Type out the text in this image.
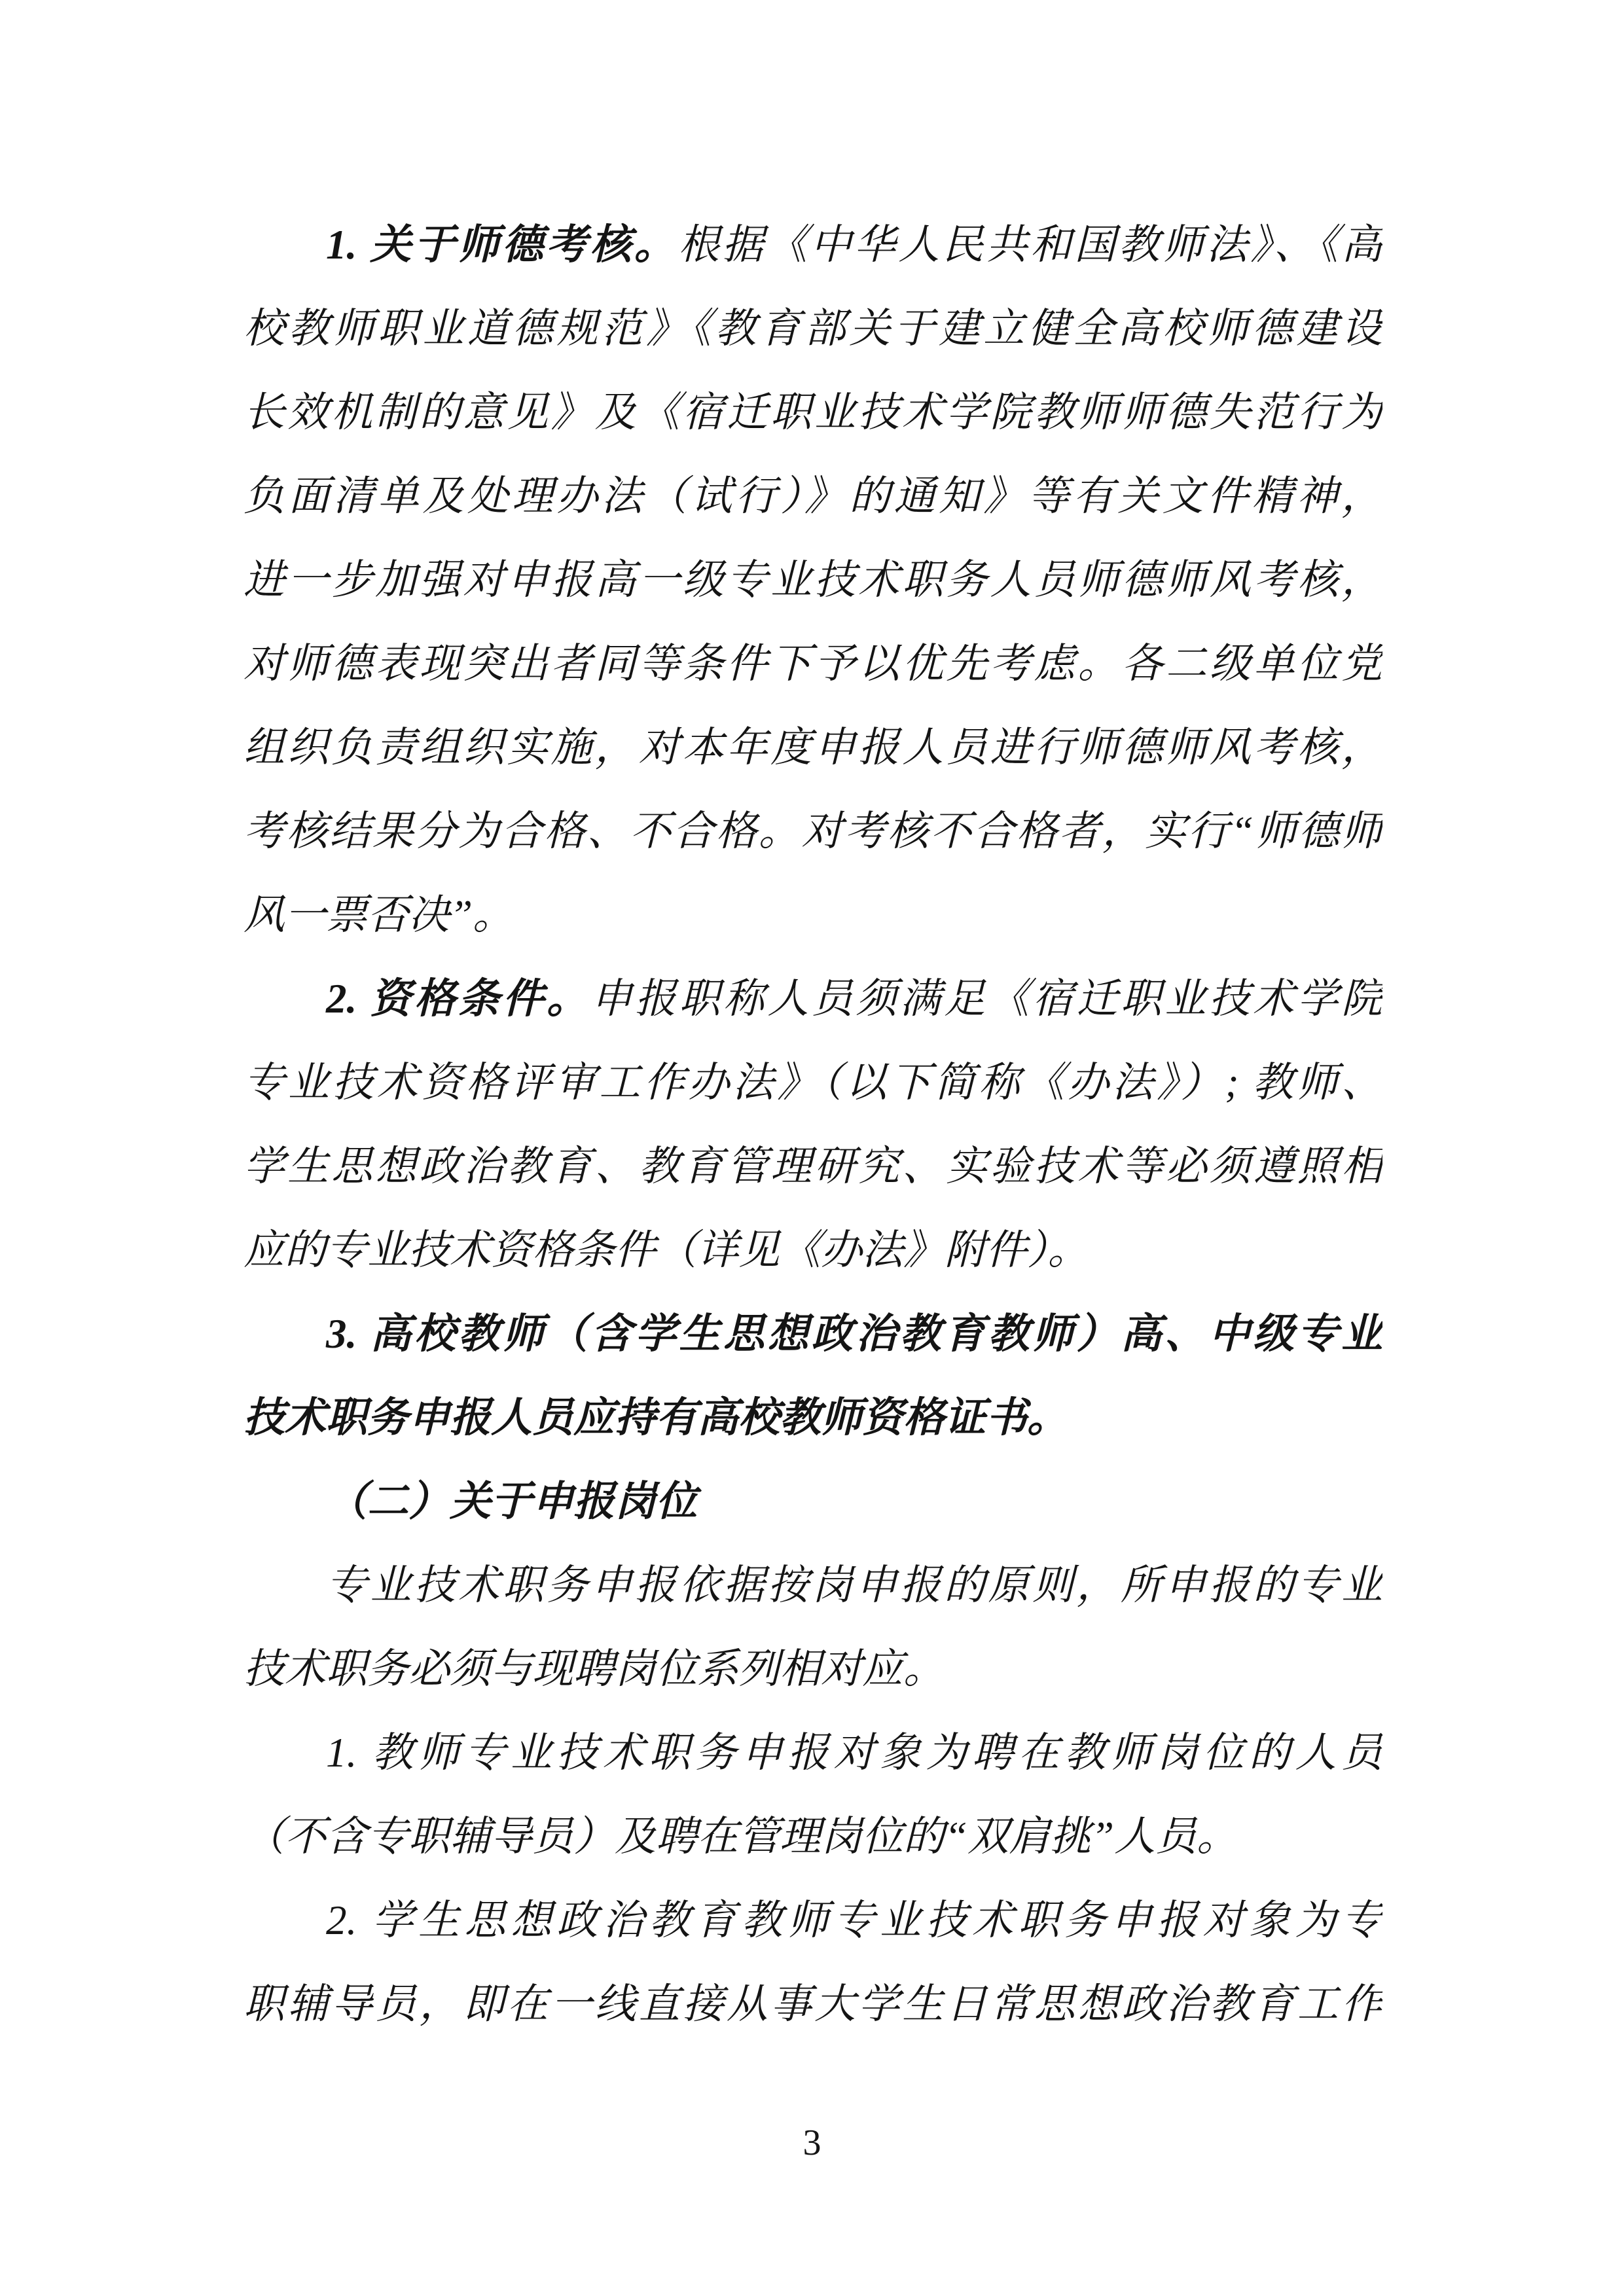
1. 关于师德考核。根据《中华人民共和国教师法》、《高
校教师职业道德规范》《教育部关于建立健全高校师德建设
长效机制的意见》及《宿迁职业技术学院教师师德失范行为
负面清单及处理办法（试行）》的通知》等有关文件精神，
进一步加强对申报高一级专业技术职务人员师德师风考核，
对师德表现突出者同等条件下予以优先考虑。各二级单位党
组织负责组织实施，对本年度申报人员进行师德师风考核，
考核结果分为合格、不合格。对考核不合格者，实行“师德师
风一票否决”。
2. 资格条件。申报职称人员须满足《宿迁职业技术学院
专业技术资格评审工作办法》（以下简称《办法》）; 教师、
学生思想政治教育、教育管理研究、实验技术等必须遵照相
应的专业技术资格条件（详见《办法》附件）。
3. 高校教师（含学生思想政治教育教师）高、中级专业
技术职务申报人员应持有高校教师资格证书。
（二）关于申报岗位
专业技术职务申报依据按岗申报的原则，所申报的专业
技术职务必须与现聘岗位系列相对应。
1. 教师专业技术职务申报对象为聘在教师岗位的人员
（不含专职辅导员）及聘在管理岗位的“双肩挑”人员。
2. 学生思想政治教育教师专业技术职务申报对象为专
职辅导员，即在一线直接从事大学生日常思想政治教育工作
3
